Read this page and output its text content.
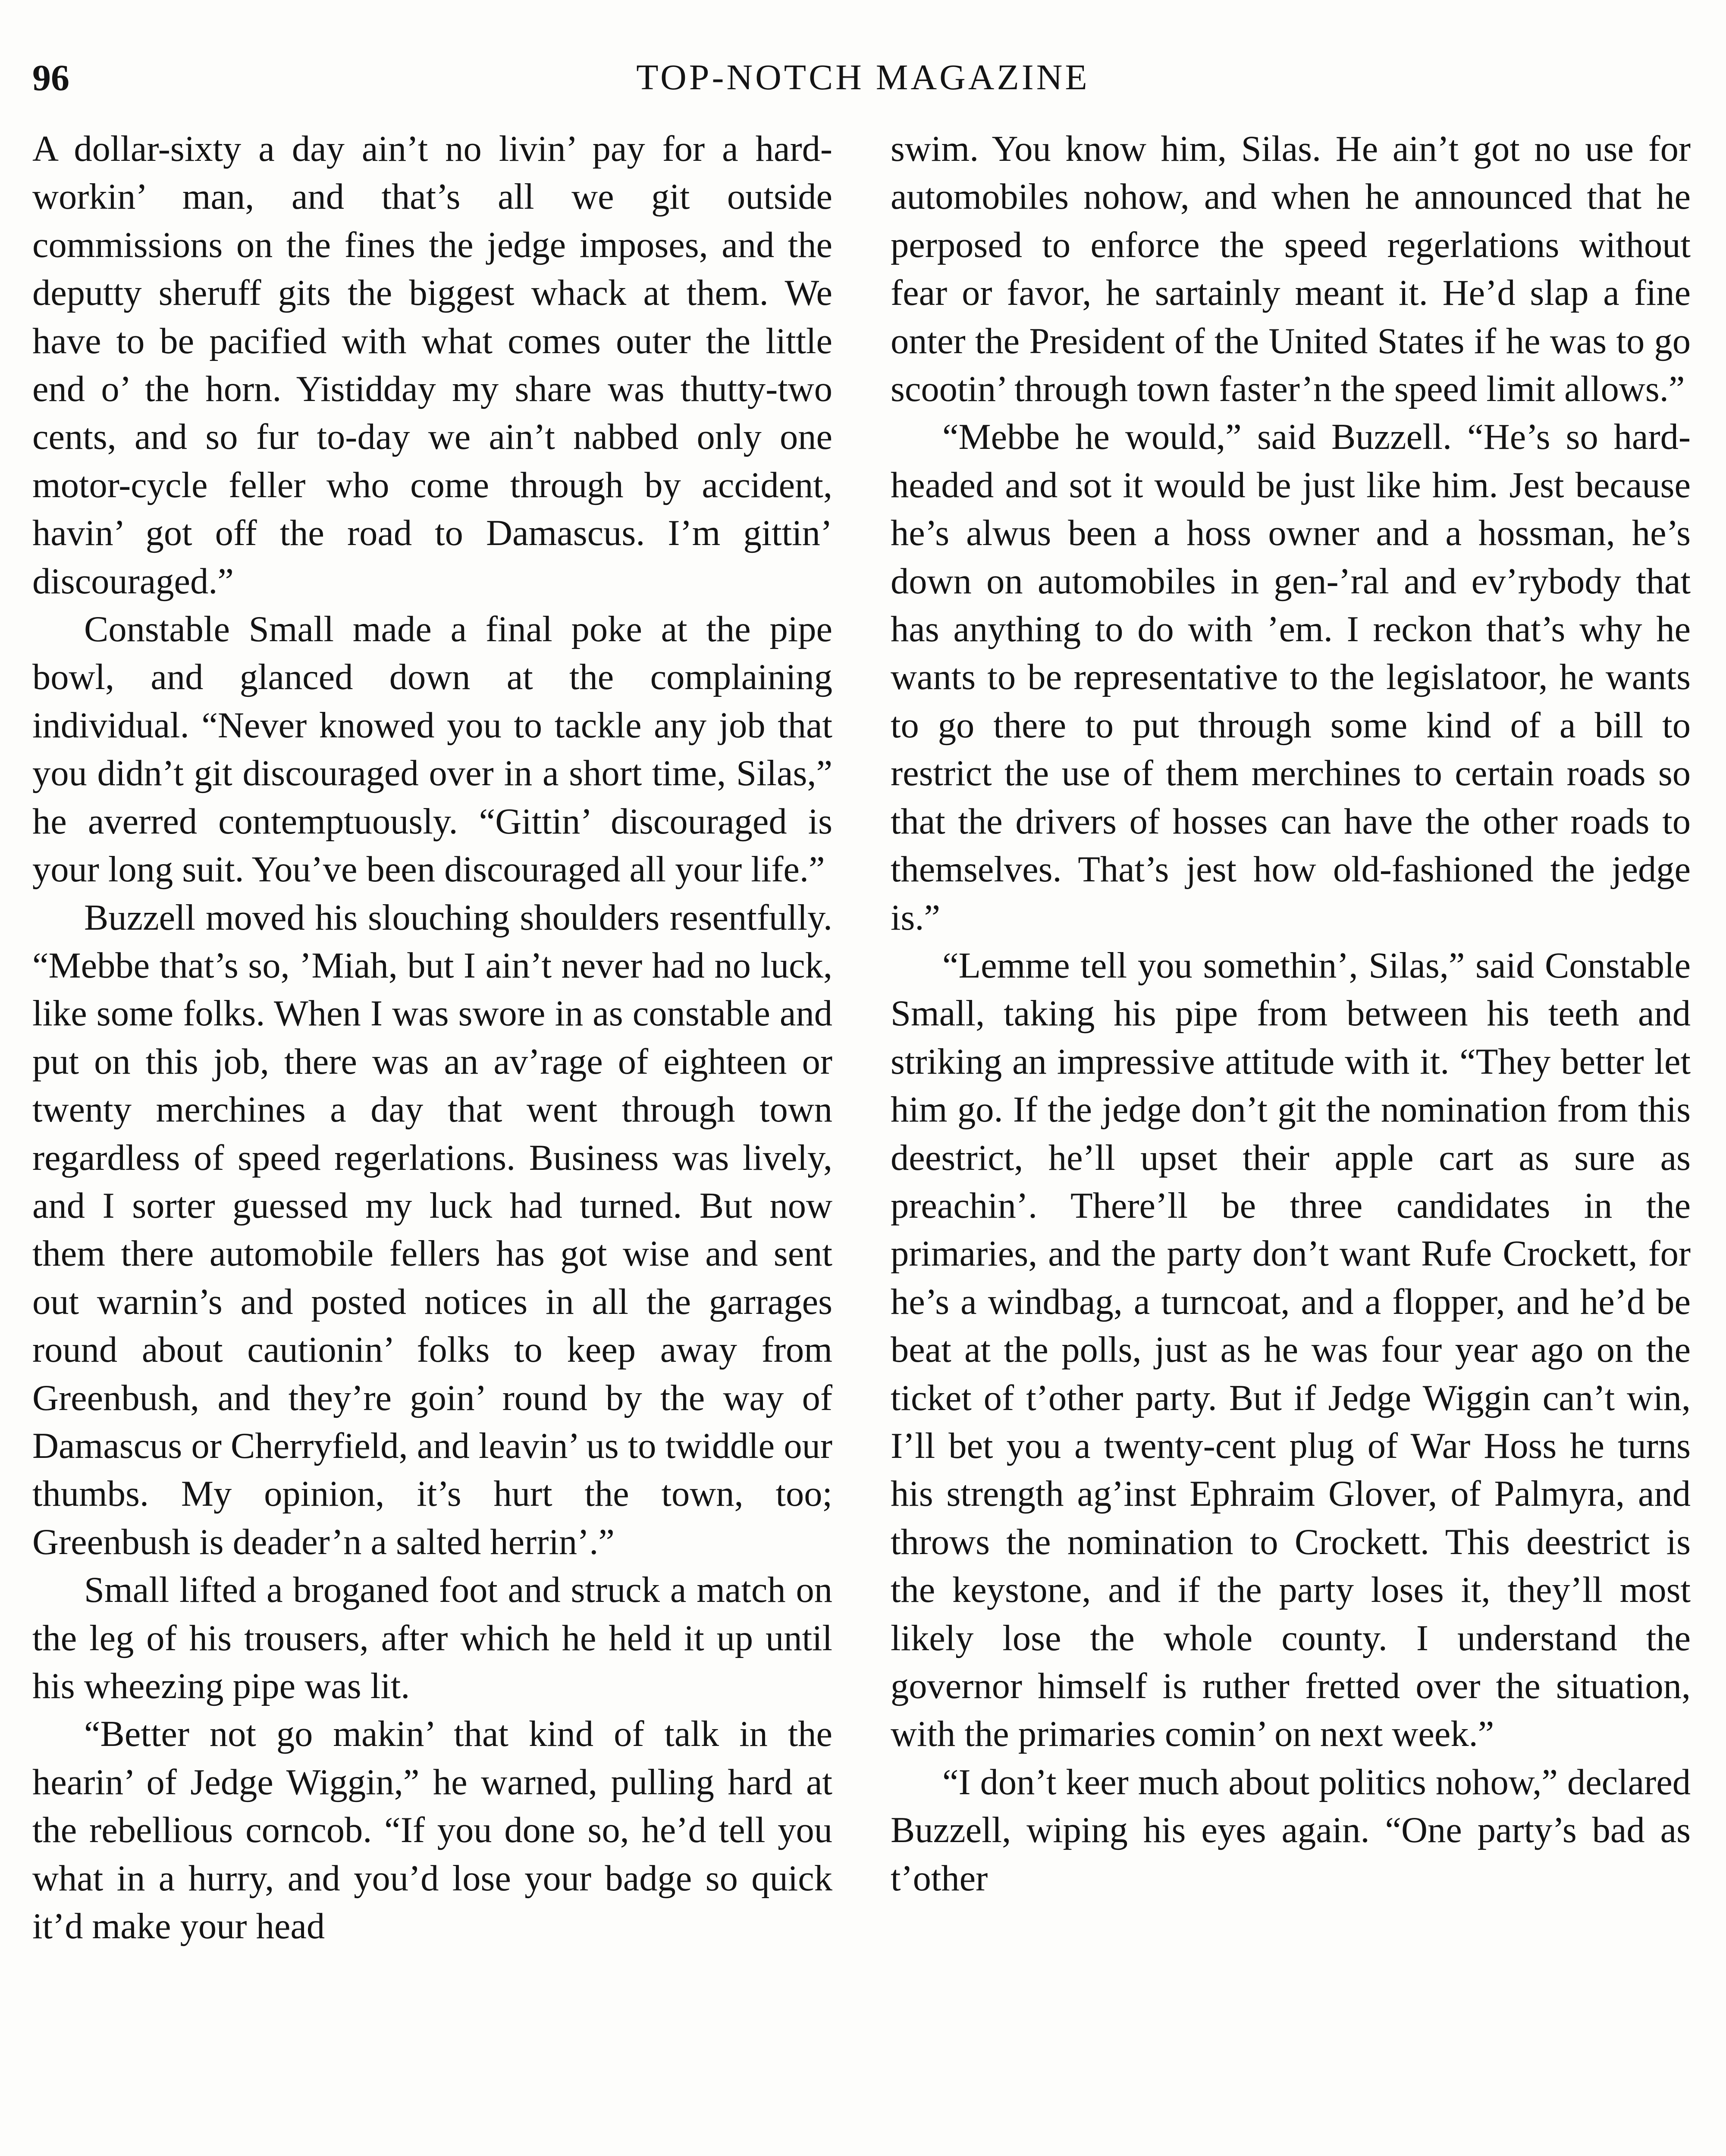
96	TOP-NOTCH MAGAZINE

A dollar-sixty a day ain’t no livin’ pay for a hard-workin’ man, and that’s all we git outside commissions on the fines the jedge imposes, and the deputty sheruff gits the biggest whack at them. We have to be pacified with what comes outer the little end o’ the horn. Yistidday my share was thutty-two cents, and so fur to-day we ain’t nabbed only one motor-cycle feller who come through by accident, havin’ got off the road to Damascus. I’m gittin’ discouraged.”

Constable Small made a final poke at the pipe bowl, and glanced down at the complaining individual. “Never knowed you to tackle any job that you didn’t git discouraged over in a short time, Silas,” he averred contemptuously. “Gittin’ discouraged is your long suit. You’ve been discouraged all your life.”

Buzzell moved his slouching shoulders resentfully. “Mebbe that’s so, ’Miah, but I ain’t never had no luck, like some folks. When I was swore in as constable and put on this job, there was an av’rage of eighteen or twenty merchines a day that went through town regardless of speed regerlations. Business was lively, and I sorter guessed my luck had turned. But now them there automobile fellers has got wise and sent out warnin’s and posted notices in all the garrages round about cautionin’ folks to keep away from Greenbush, and they’re goin’ round by the way of Damascus or Cherryfield, and leavin’ us to twiddle our thumbs. My opinion, it’s hurt the town, too; Greenbush is deader’n a salted herrin’.”

Small lifted a broganed foot and struck a match on the leg of his trousers, after which he held it up until his wheezing pipe was lit.

“Better not go makin’ that kind of talk in the hearin’ of Jedge Wiggin,” he warned, pulling hard at the rebellious corncob. “If you done so, he’d tell you what in a hurry, and you’d lose your badge so quick it’d make your head

swim. You know him, Silas. He ain’t got no use for automobiles nohow, and when he announced that he perposed to enforce the speed regerlations without fear or favor, he sartainly meant it. He’d slap a fine onter the President of the United States if he was to go scootin’ through town faster’n the speed limit allows.”

“Mebbe he would,” said Buzzell. “He’s so hard-headed and sot it would be just like him. Jest because he’s alwus been a hoss owner and a hossman, he’s down on automobiles in gen-’ral and ev’rybody that has anything to do with ’em. I reckon that’s why he wants to be representative to the legislatoor, he wants to go there to put through some kind of a bill to restrict the use of them merchines to certain roads so that the drivers of hosses can have the other roads to themselves. That’s jest how old-fashioned the jedge is.”

“Lemme tell you somethin’, Silas,” said Constable Small, taking his pipe from between his teeth and striking an impressive attitude with it. “They better let him go. If the jedge don’t git the nomination from this deestrict, he’ll upset their apple cart as sure as preachin’. There’ll be three candidates in the primaries, and the party don’t want Rufe Crockett, for he’s a windbag, a turncoat, and a flopper, and he’d be beat at the polls, just as he was four year ago on the ticket of t’other party. But if Jedge Wiggin can’t win, I’ll bet you a twenty-cent plug of War Hoss he turns his strength ag’inst Ephraim Glover, of Palmyra, and throws the nomination to Crockett. This deestrict is the keystone, and if the party loses it, they’ll most likely lose the whole county. I understand the governor himself is ruther fretted over the situation, with the primaries comin’ on next week.”

“I don’t keer much about politics nohow,” declared Buzzell, wiping his eyes again. “One party’s bad as t’other
